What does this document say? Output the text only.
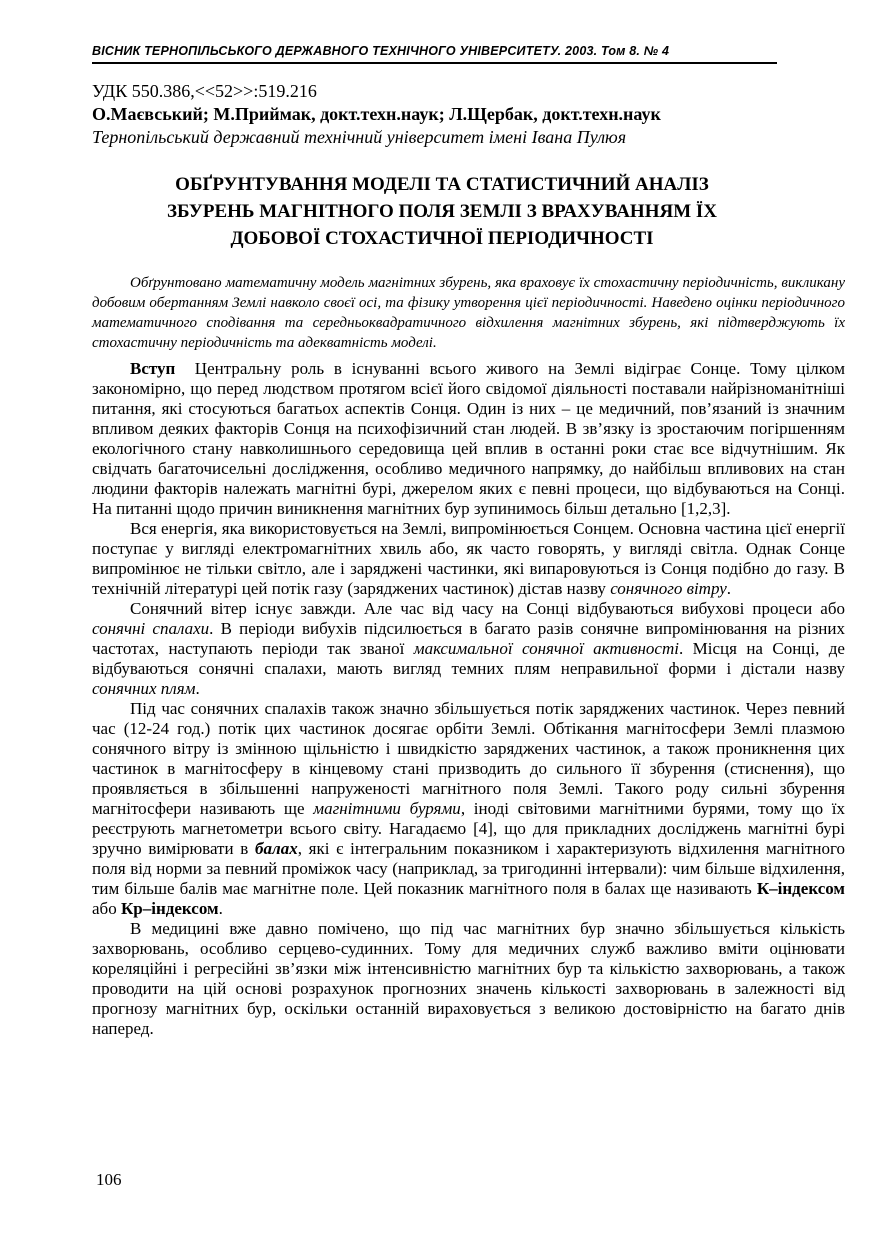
ВІСНИК ТЕРНОПІЛЬСЬКОГО ДЕРЖАВНОГО ТЕХНІЧНОГО УНІВЕРСИТЕТУ. 2003. Том 8. № 4
УДК 550.386,<<52>>:519.216
О.Маєвський; М.Приймак, докт.техн.наук; Л.Щербак, докт.техн.наук
Тернопільський державний технічний університет імені Івана Пулюя
ОБҐРУНТУВАННЯ МОДЕЛІ ТА СТАТИСТИЧНИЙ АНАЛІЗ
ЗБУРЕНЬ МАГНІТНОГО ПОЛЯ ЗЕМЛІ З ВРАХУВАННЯМ ЇХ
ДОБОВОЇ СТОХАСТИЧНОЇ ПЕРІОДИЧНОСТІ

Обґрунтовано математичну модель магнітних збурень, яка враховує їх стохастичну періодичність, викликану добовим обертанням Землі навколо своєї осі, та фізику утворення цієї періодичності. Наведено оцінки періодичного математичного сподівання та середньоквадратичного відхилення магнітних збурень, які підтверджують їх стохастичну періодичність та адекватність моделі.

Вступ  Центральну роль в існуванні всього живого на Землі відіграє Сонце. Тому цілком закономірно, що перед людством протягом всієї його свідомої діяльності поставали найрізноманітніші питання, які стосуються багатьох аспектів Сонця. Один із них – це медичний, пов’язаний із значним впливом деяких факторів Сонця на психофізичний стан людей. В зв’язку із зростаючим погіршенням екологічного стану навколишнього середовища цей вплив в останні роки стає все відчутнішим. Як свідчать багаточисельні дослідження, особливо медичного напрямку, до найбільш впливових на стан людини факторів належать магнітні бурі, джерелом яких є певні процеси, що відбуваються на Сонці. На питанні щодо причин виникнення магнітних бур зупинимось більш детально [1,2,3].

Вся енергія, яка використовується на Землі, випромінюється Сонцем. Основна частина цієї енергії поступає у вигляді електромагнітних хвиль або, як часто говорять, у вигляді світла. Однак Сонце випромінює не тільки світло, але і заряджені частинки, які випаровуються із Сонця подібно до газу. В технічній літературі цей потік газу (заряджених частинок) дістав назву сонячного вітру.

Сонячний вітер існує завжди. Але час від часу на Сонці відбуваються вибухові процеси або сонячні спалахи. В періоди вибухів підсилюється в багато разів сонячне випромінювання на різних частотах, наступають періоди так званої максимальної сонячної активності. Місця на Сонці, де відбуваються сонячні спалахи, мають вигляд темних плям неправильної форми і дістали назву сонячних плям.

Під час сонячних спалахів також значно збільшується потік заряджених частинок. Через певний час (12-24 год.) потік цих частинок досягає орбіти Землі. Обтікання магнітосфери Землі плазмою сонячного вітру із змінною щільністю і швидкістю заряджених частинок, а також проникнення цих частинок в магнітосферу в кінцевому стані призводить до сильного її збурення (стиснення), що проявляється в збільшенні напруженості магнітного поля Землі. Такого роду сильні збурення магнітосфери називають ще магнітними бурями, іноді світовими магнітними бурями, тому що їх реєструють магнетометри всього світу. Нагадаємо [4], що для прикладних досліджень магнітні бурі зручно вимірювати в балах, які є інтегральним показником і характеризують відхилення магнітного поля від норми за певний проміжок часу (наприклад, за тригодинні інтервали): чим більше відхилення, тим більше балів має магнітне поле. Цей показник магнітного поля в балах ще називають К–індексом або Кр–індексом.

В медицині вже давно помічено, що під час магнітних бур значно збільшується кількість захворювань, особливо серцево-судинних. Тому для медичних служб важливо вміти оцінювати кореляційні і регресійні зв’язки між інтенсивністю магнітних бур та кількістю захворювань, а також проводити на цій основі розрахунок прогнозних значень кількості захворювань в залежності від прогнозу магнітних бур, оскільки останній вираховується з великою достовірністю на багато днів наперед.

106
